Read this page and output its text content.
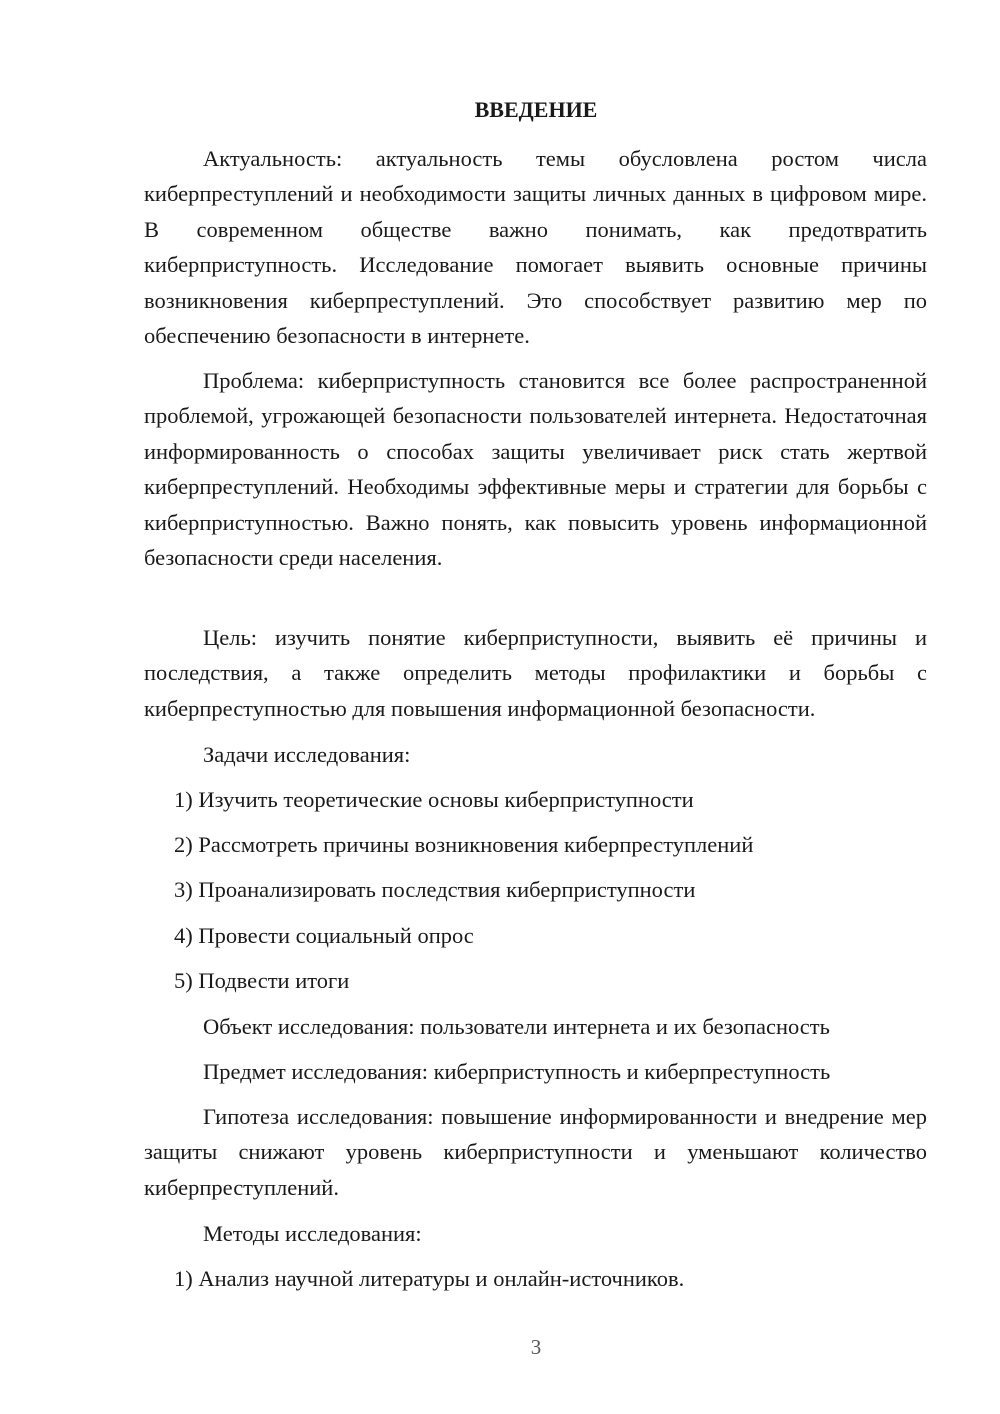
ВВЕДЕНИЕ

Актуальность: актуальность темы обусловлена ростом числа киберпреступлений и необходимости защиты личных данных в цифровом мире. В современном обществе важно понимать, как предотвратить киберприступность. Исследование помогает выявить основные причины возникновения киберпреступлений. Это способствует развитию мер по обеспечению безопасности в интернете.

Проблема: киберприступность становится все более распространенной проблемой, угрожающей безопасности пользователей интернета. Недостаточная информированность о способах защиты увеличивает риск стать жертвой киберпреступлений. Необходимы эффективные меры и стратегии для борьбы с киберприступностью. Важно понять, как повысить уровень информационной безопасности среди населения.

Цель: изучить понятие киберприступности, выявить её причины и последствия, а также определить методы профилактики и борьбы с киберпреступностью для повышения информационной безопасности.

Задачи исследования:

1) Изучить теоретические основы киберприступности

2) Рассмотреть причины возникновения киберпреступлений

3) Проанализировать последствия киберприступности

4) Провести социальный опрос

5) Подвести итоги

Объект исследования: пользователи интернета и их безопасность

Предмет исследования: киберприступность и киберпреступность

Гипотеза исследования: повышение информированности и внедрение мер защиты снижают уровень киберприступности и уменьшают количество киберпреступлений.

Методы исследования:

1) Анализ научной литературы и онлайн-источников.

3
